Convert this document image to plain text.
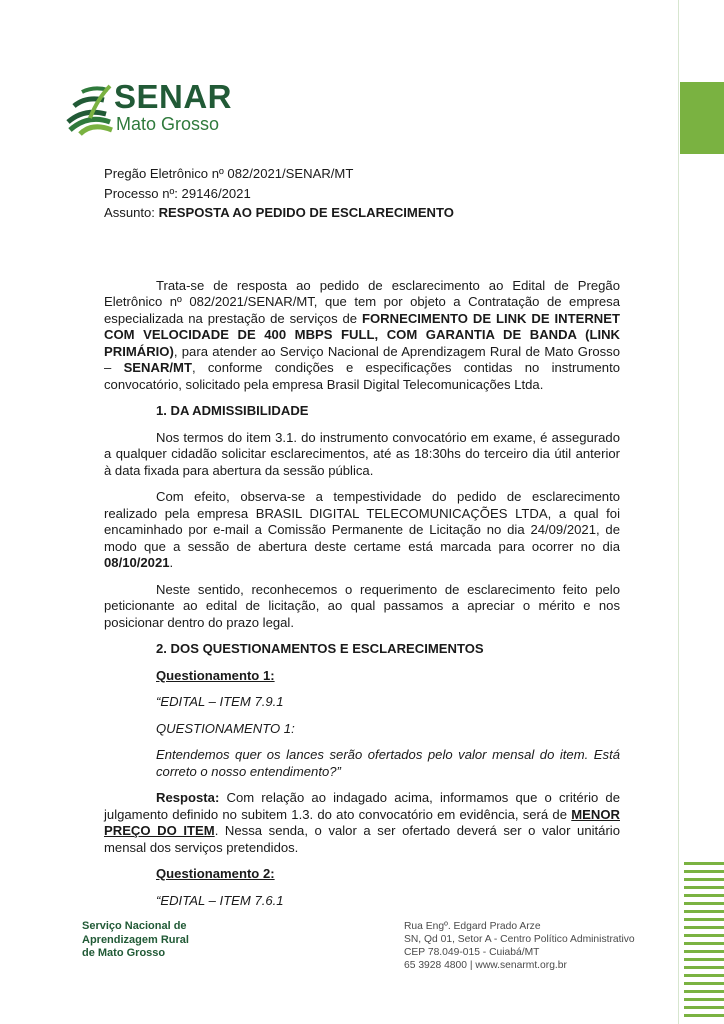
SENAR
Mato Grosso

Pregão Eletrônico nº 082/2021/SENAR/MT

Processo nº: 29146/2021

Assunto: RESPOSTA AO PEDIDO DE ESCLARECIMENTO

Trata-se de resposta ao pedido de esclarecimento ao Edital de Pregão Eletrônico nº 082/2021/SENAR/MT, que tem por objeto a Contratação de empresa especializada na prestação de serviços de FORNECIMENTO DE LINK DE INTERNET COM VELOCIDADE DE 400 MBPS FULL, COM GARANTIA DE BANDA (LINK PRIMÁRIO), para atender ao Serviço Nacional de Aprendizagem Rural de Mato Grosso – SENAR/MT, conforme condições e especificações contidas no instrumento convocatório, solicitado pela empresa Brasil Digital Telecomunicações Ltda.

1. DA ADMISSIBILIDADE

Nos termos do item 3.1. do instrumento convocatório em exame, é assegurado a qualquer cidadão solicitar esclarecimentos, até as 18:30hs do terceiro dia útil anterior à data fixada para abertura da sessão pública.

Com efeito, observa-se a tempestividade do pedido de esclarecimento realizado pela empresa BRASIL DIGITAL TELECOMUNICAÇÕES LTDA, a qual foi encaminhado por e-mail a Comissão Permanente de Licitação no dia 24/09/2021, de modo que a sessão de abertura deste certame está marcada para ocorrer no dia 08/10/2021.

Neste sentido, reconhecemos o requerimento de esclarecimento feito pelo peticionante ao edital de licitação, ao qual passamos a apreciar o mérito e nos posicionar dentro do prazo legal.

2. DOS QUESTIONAMENTOS E ESCLARECIMENTOS

Questionamento 1:

“EDITAL – ITEM 7.9.1

QUESTIONAMENTO 1:

Entendemos quer os lances serão ofertados pelo valor mensal do item. Está correto o nosso entendimento?”

Resposta: Com relação ao indagado acima, informamos que o critério de julgamento definido no subitem 1.3. do ato convocatório em evidência, será de MENOR PREÇO DO ITEM. Nessa senda, o valor a ser ofertado deverá ser o valor unitário mensal dos serviços pretendidos.

Questionamento 2:

“EDITAL – ITEM 7.6.1

Serviço Nacional de
Aprendizagem Rural
de Mato Grosso
Rua Engº. Edgard Prado Arze
SN, Qd 01, Setor A - Centro Político Administrativo
CEP 78.049-015 - Cuiabá/MT
65 3928 4800 | www.senarmt.org.br
